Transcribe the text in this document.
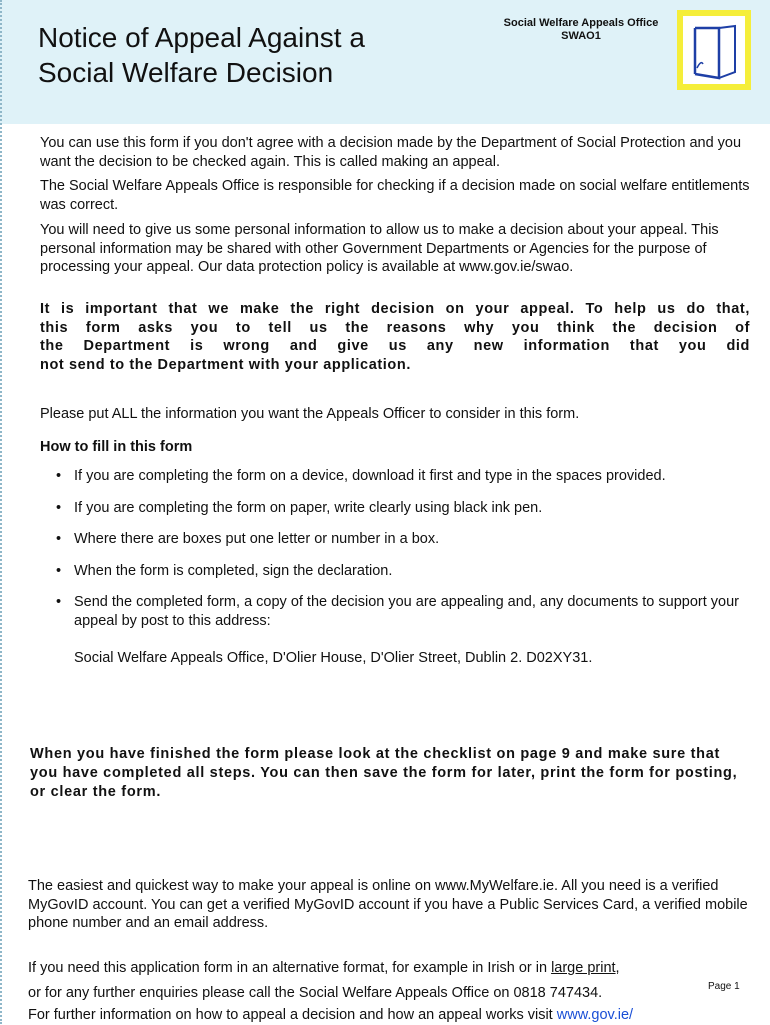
Notice of Appeal Against a
Social Welfare Decision
Social Welfare Appeals Office
SWAO1

You can use this form if you don't agree with a decision made by the Department of Social Protection and you want the decision to be checked again. This is called making an appeal.

The Social Welfare Appeals Office is responsible for checking if a decision made on social welfare entitlements was correct.

You will need to give us some personal information to allow us to make a decision about your appeal. This personal information may be shared with other Government Departments or Agencies for the purpose of processing your appeal. Our data protection policy is available at www.gov.ie/swao.

It is important that we make the right decision on your appeal. To help us do that,
this form asks you to tell us the reasons why you think the decision of
the Department is wrong and give us any new information that you did
not send to the Department with your application.

Please put ALL the information you want the Appeals Officer to consider in this form.

How to fill in this form
• If you are completing the form on a device, download it first and type in the spaces provided.
• If you are completing the form on paper, write clearly using black ink pen.
• Where there are boxes put one letter or number in a box.
• When the form is completed, sign the declaration.
• Send the completed form, a copy of the decision you are appealing and, any documents to support your appeal by post to this address:
Social Welfare Appeals Office, D'Olier House, D'Olier Street, Dublin 2. D02XY31.
When you have finished the form please look at the checklist on page 9 and make sure that you have completed all steps. You can then save the form for later, print the form for posting, or clear the form.
The easiest and quickest way to make your appeal is online on www.MyWelfare.ie. All you need is a verified MyGovID account. You can get a verified MyGovID account if you have a Public Services Card, a verified mobile phone number and an email address.
If you need this application form in an alternative format, for example in Irish or in large print,
or for any further enquiries please call the Social Welfare Appeals Office on 0818 747434.
For further information on how to appeal a decision and how an appeal works visit www.gov.ie/
Page 1
